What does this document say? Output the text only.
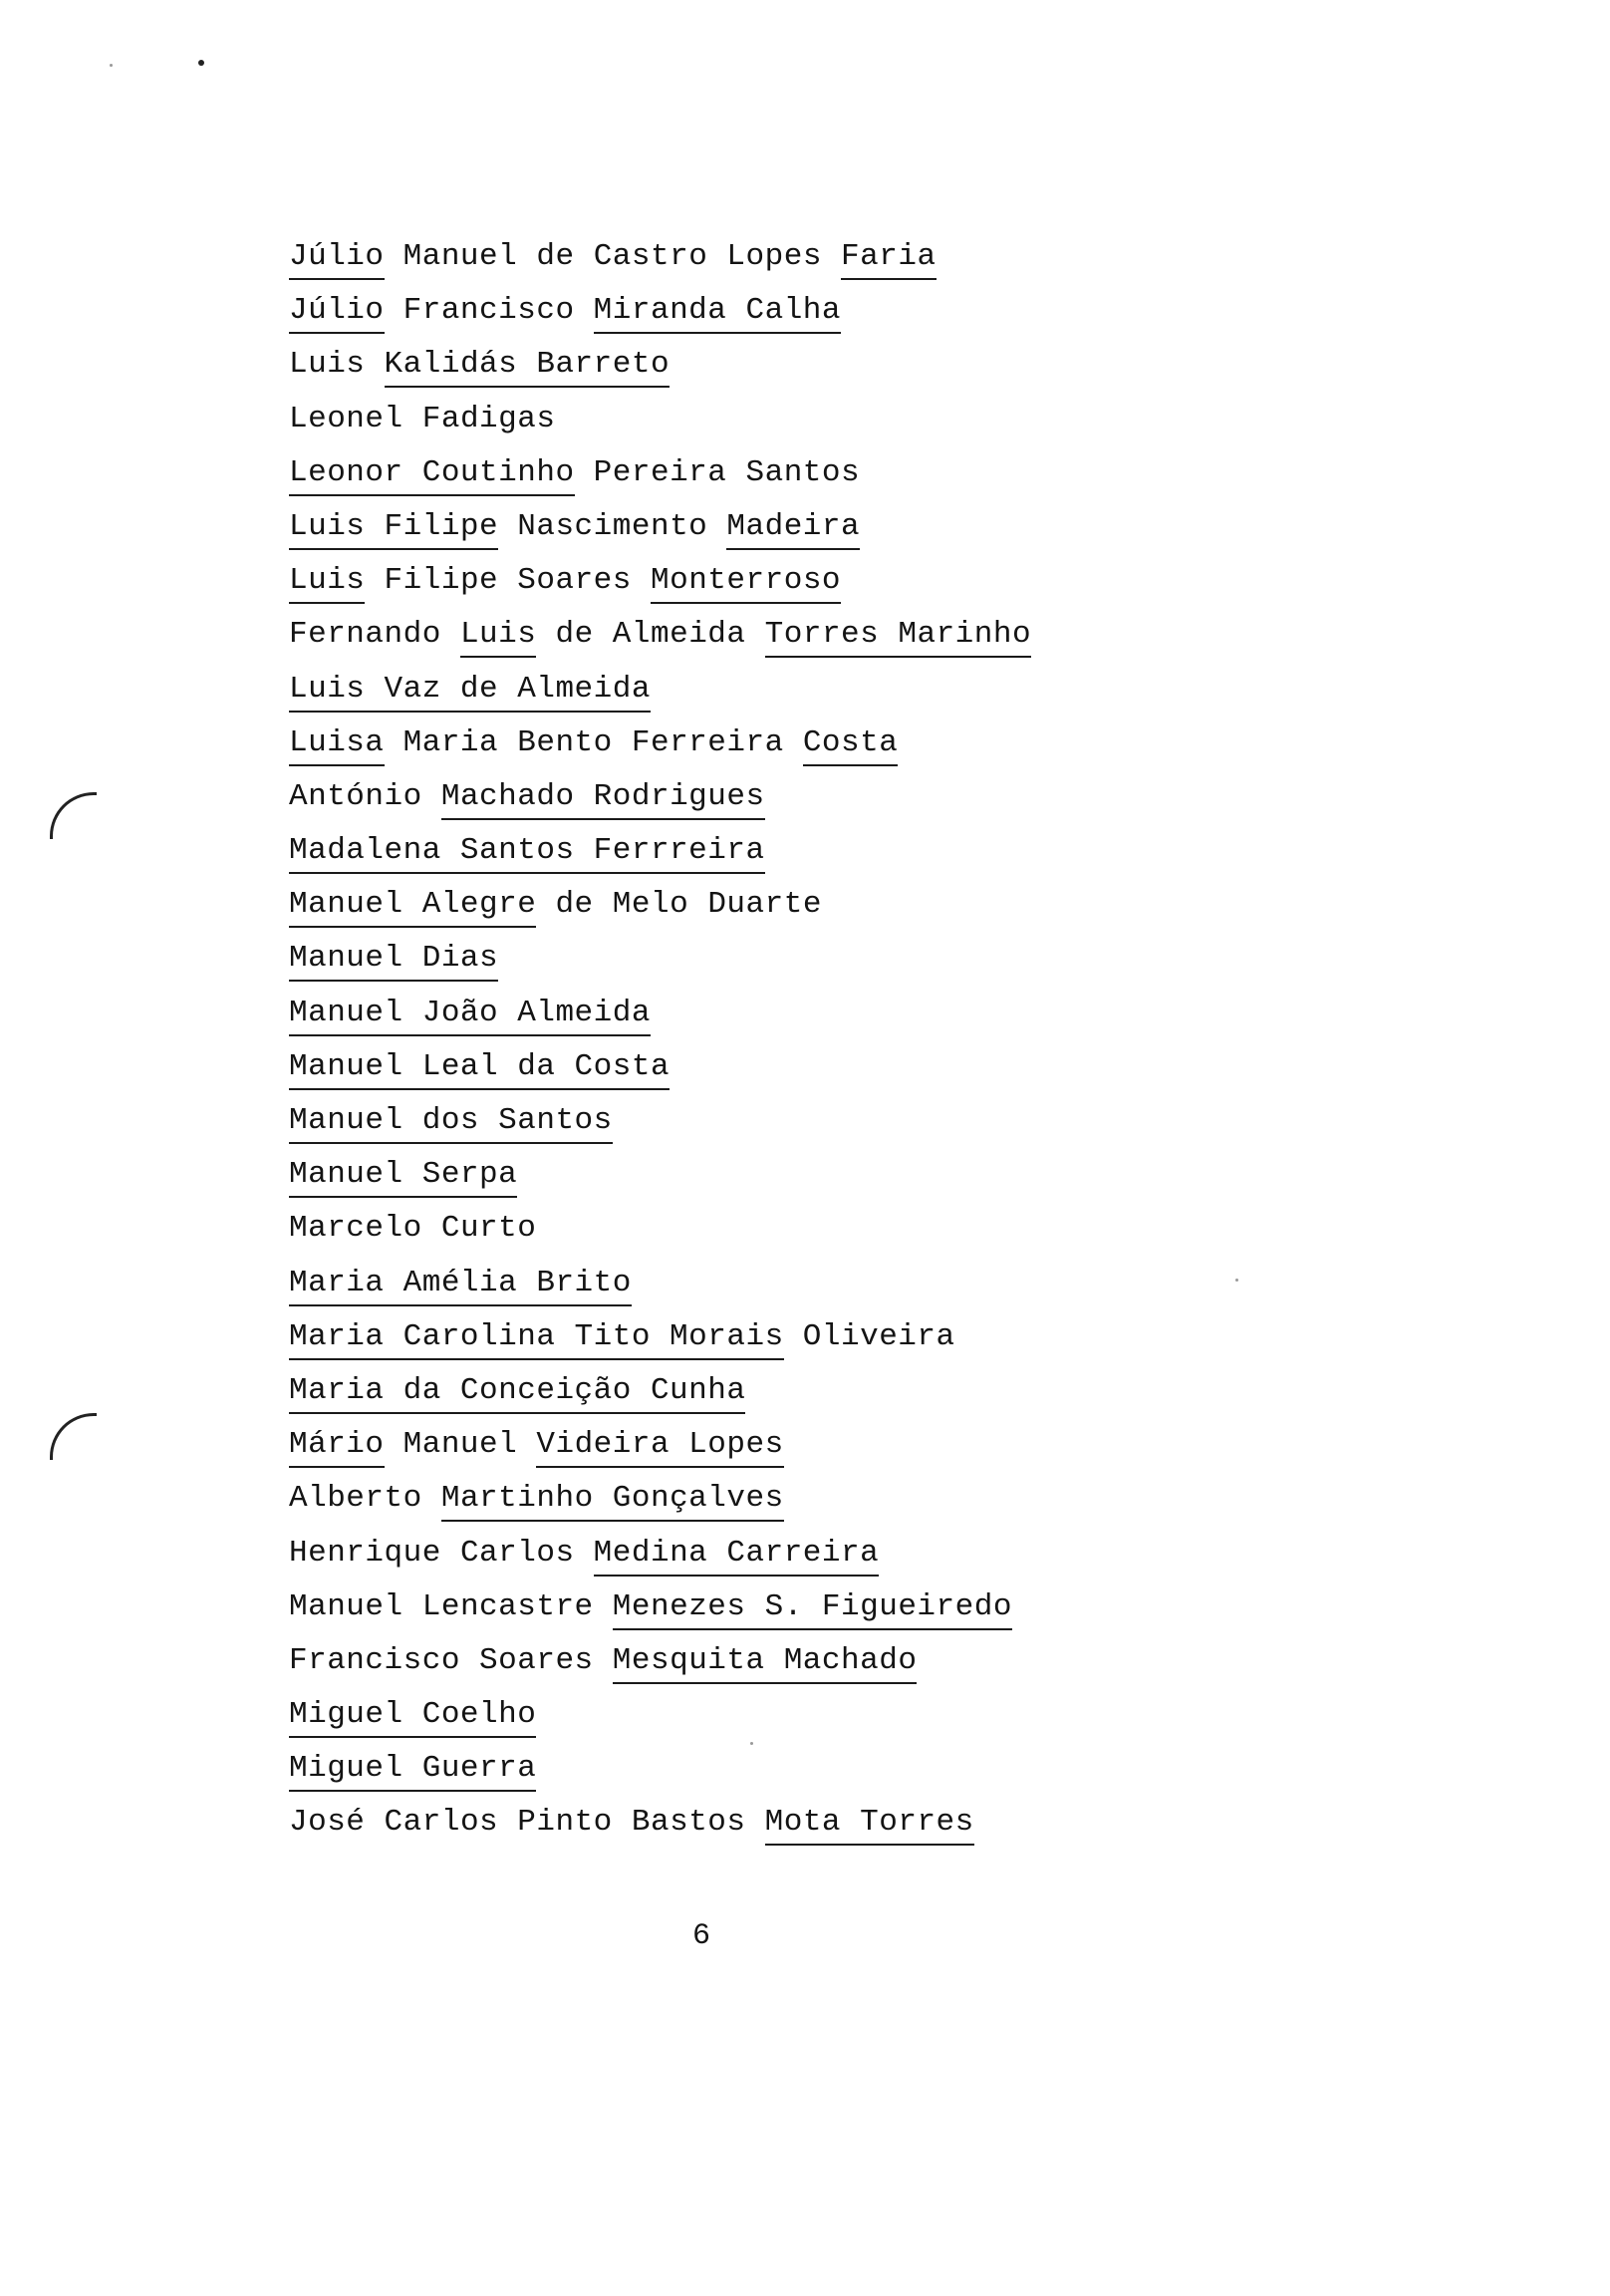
Júlio Manuel de Castro Lopes Faria
Júlio Francisco Miranda Calha
Luis Kalidás Barreto
Leonel Fadigas
Leonor Coutinho Pereira Santos
Luis Filipe Nascimento Madeira
Luis Filipe Soares Monterroso
Fernando Luis de Almeida Torres Marinho
Luis Vaz de Almeida
Luisa Maria Bento Ferreira Costa
António Machado Rodrigues
Madalena Santos Ferrreira
Manuel Alegre de Melo Duarte
Manuel Dias
Manuel João Almeida
Manuel Leal da Costa
Manuel dos Santos
Manuel Serpa
Marcelo Curto
Maria Amélia Brito
Maria Carolina Tito Morais Oliveira
Maria da Conceição Cunha
Mário Manuel Videira Lopes
Alberto Martinho Gonçalves
Henrique Carlos Medina Carreira
Manuel Lencastre Menezes S. Figueiredo
Francisco Soares Mesquita Machado
Miguel Coelho
Miguel Guerra
José Carlos Pinto Bastos Mota Torres
6
